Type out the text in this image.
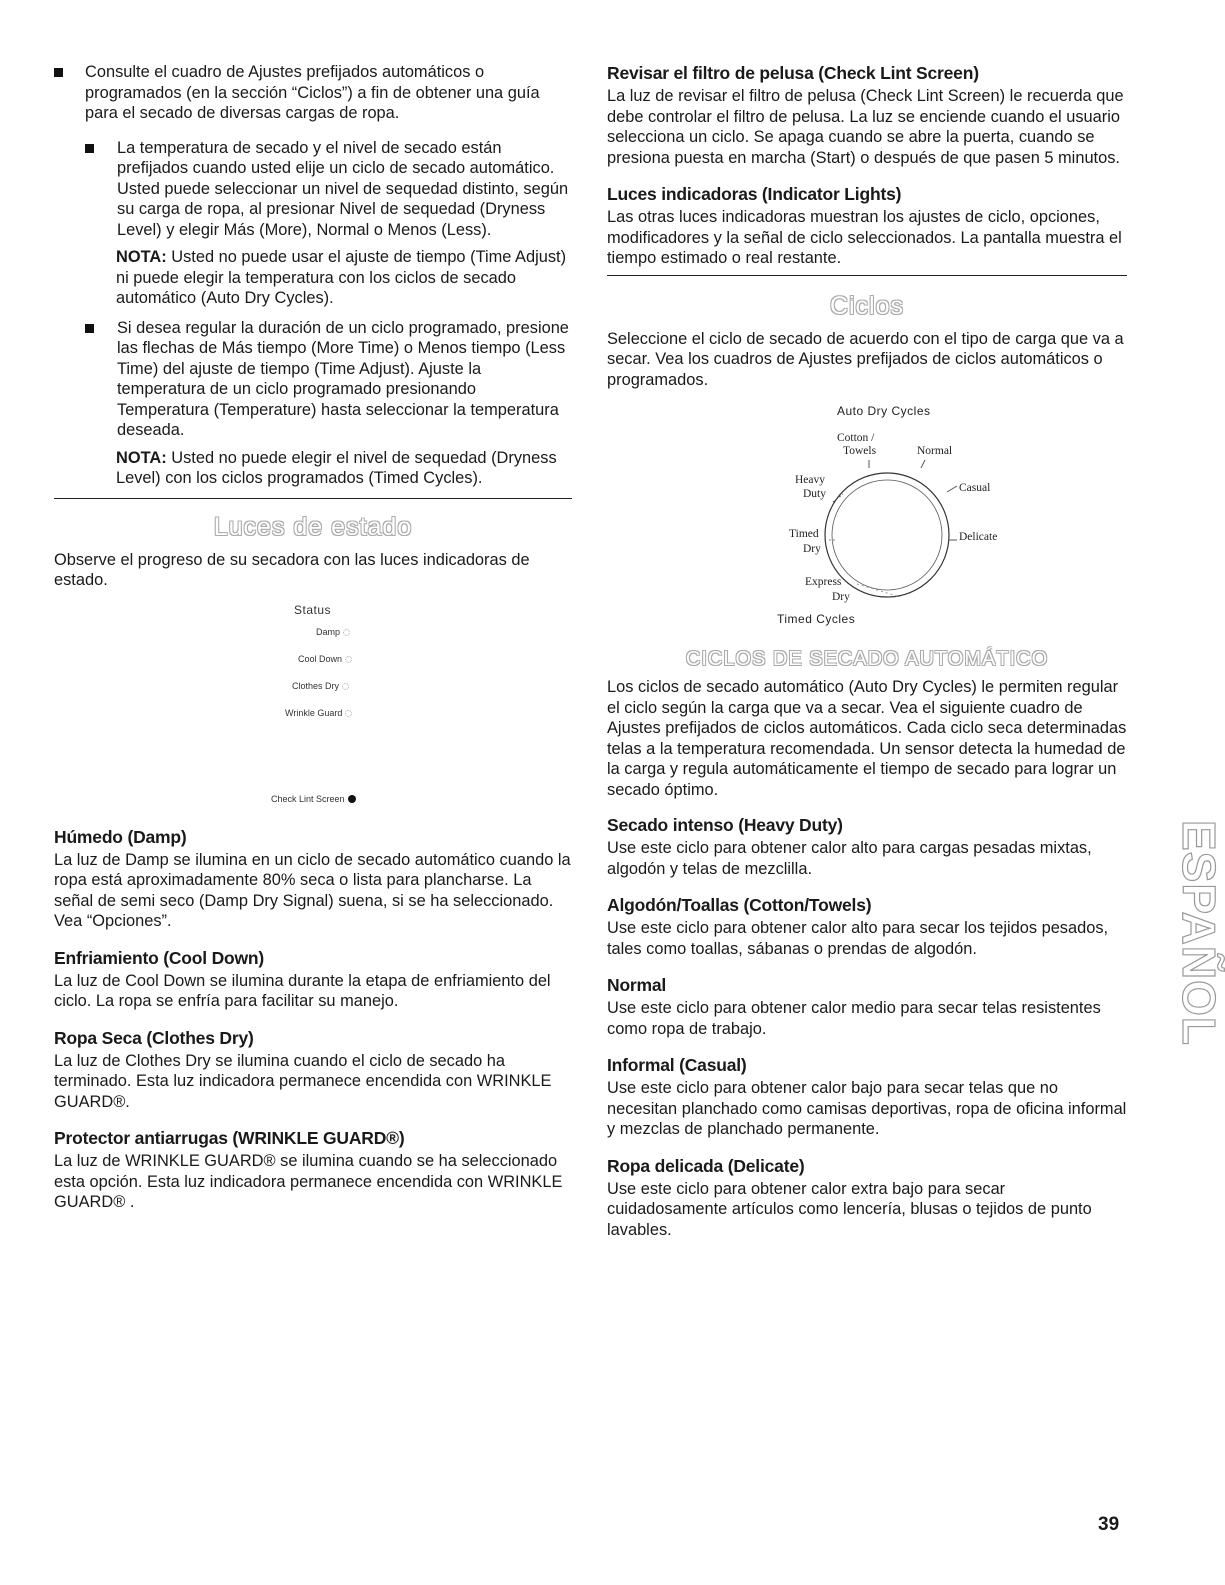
Consulte el cuadro de Ajustes prefijados automáticos o programados (en la sección “Ciclos”) a fin de obtener una guía para el secado de diversas cargas de ropa.

La temperatura de secado y el nivel de secado están prefijados cuando usted elije un ciclo de secado automático. Usted puede seleccionar un nivel de sequedad distinto, según su carga de ropa, al presionar Nivel de sequedad (Dryness Level) y elegir Más (More), Normal o Menos (Less).

NOTA: Usted no puede usar el ajuste de tiempo (Time Adjust) ni puede elegir la temperatura con los ciclos de secado automático (Auto Dry Cycles).

Si desea regular la duración de un ciclo programado, presione las flechas de Más tiempo (More Time) o Menos tiempo (Less Time) del ajuste de tiempo (Time Adjust). Ajuste la temperatura de un ciclo programado presionando Temperatura (Temperature) hasta seleccionar la temperatura deseada.

NOTA: Usted no puede elegir el nivel de sequedad (Dryness Level) con los ciclos programados (Timed Cycles).

Luces de estado

Observe el progreso de su secadora con las luces indicadoras de estado.

Status
Damp
Cool Down
Clothes Dry
Wrinkle Guard
Check Lint Screen
Húmedo (Damp)

La luz de Damp se ilumina en un ciclo de secado automático cuando la ropa está aproximadamente 80% seca o lista para plancharse. La señal de semi seco (Damp Dry Signal) suena, si se ha seleccionado. Vea “Opciones”.

Enfriamiento (Cool Down)

La luz de Cool Down se ilumina durante la etapa de enfriamiento del ciclo. La ropa se enfría para facilitar su manejo.

Ropa Seca (Clothes Dry)

La luz de Clothes Dry se ilumina cuando el ciclo de secado ha terminado. Esta luz indicadora permanece encendida con WRINKLE GUARD®.

Protector antiarrugas (WRINKLE GUARD®)

La luz de WRINKLE GUARD® se ilumina cuando se ha seleccionado esta opción. Esta luz indicadora permanece encendida con WRINKLE GUARD® .

Revisar el filtro de pelusa (Check Lint Screen)

La luz de revisar el filtro de pelusa (Check Lint Screen) le recuerda que debe controlar el filtro de pelusa. La luz se enciende cuando el usuario selecciona un ciclo. Se apaga cuando se abre la puerta, cuando se presiona puesta en marcha (Start) o después de que pasen 5 minutos.

Luces indicadoras (Indicator Lights)

Las otras luces indicadoras muestran los ajustes de ciclo, opciones, modificadores y la señal de ciclo seleccionados. La pantalla muestra el tiempo estimado o real restante.

Ciclos

Seleccione el ciclo de secado de acuerdo con el tipo de carga que va a secar. Vea los cuadros de Ajustes prefijados de ciclos automáticos o programados.

Auto Dry Cycles
Cotton /
Towels	Normal
Heavy
Duty	Casual
Timed
Dry
Delicate
Express
Dry
Timed Cycles
CICLOS DE SECADO AUTOMÁTICO

Los ciclos de secado automático (Auto Dry Cycles) le permiten regular el ciclo según la carga que va a secar. Vea el siguiente cuadro de Ajustes prefijados de ciclos automáticos. Cada ciclo seca determinadas telas a la temperatura recomendada. Un sensor detecta la humedad de la carga y regula automáticamente el tiempo de secado para lograr un secado óptimo.

Secado intenso (Heavy Duty)

Use este ciclo para obtener calor alto para cargas pesadas mixtas, algodón y telas de mezclilla.

Algodón/Toallas (Cotton/Towels)

Use este ciclo para obtener calor alto para secar los tejidos pesados, tales como toallas, sábanas o prendas de algodón.

Normal

Use este ciclo para obtener calor medio para secar telas resistentes como ropa de trabajo.

Informal (Casual)

Use este ciclo para obtener calor bajo para secar telas que no necesitan planchado como camisas deportivas, ropa de oficina informal y mezclas de planchado permanente.

Ropa delicada (Delicate)

Use este ciclo para obtener calor extra bajo para secar cuidadosamente artículos como lencería, blusas o tejidos de punto lavables.

ESPAÑOL
39
